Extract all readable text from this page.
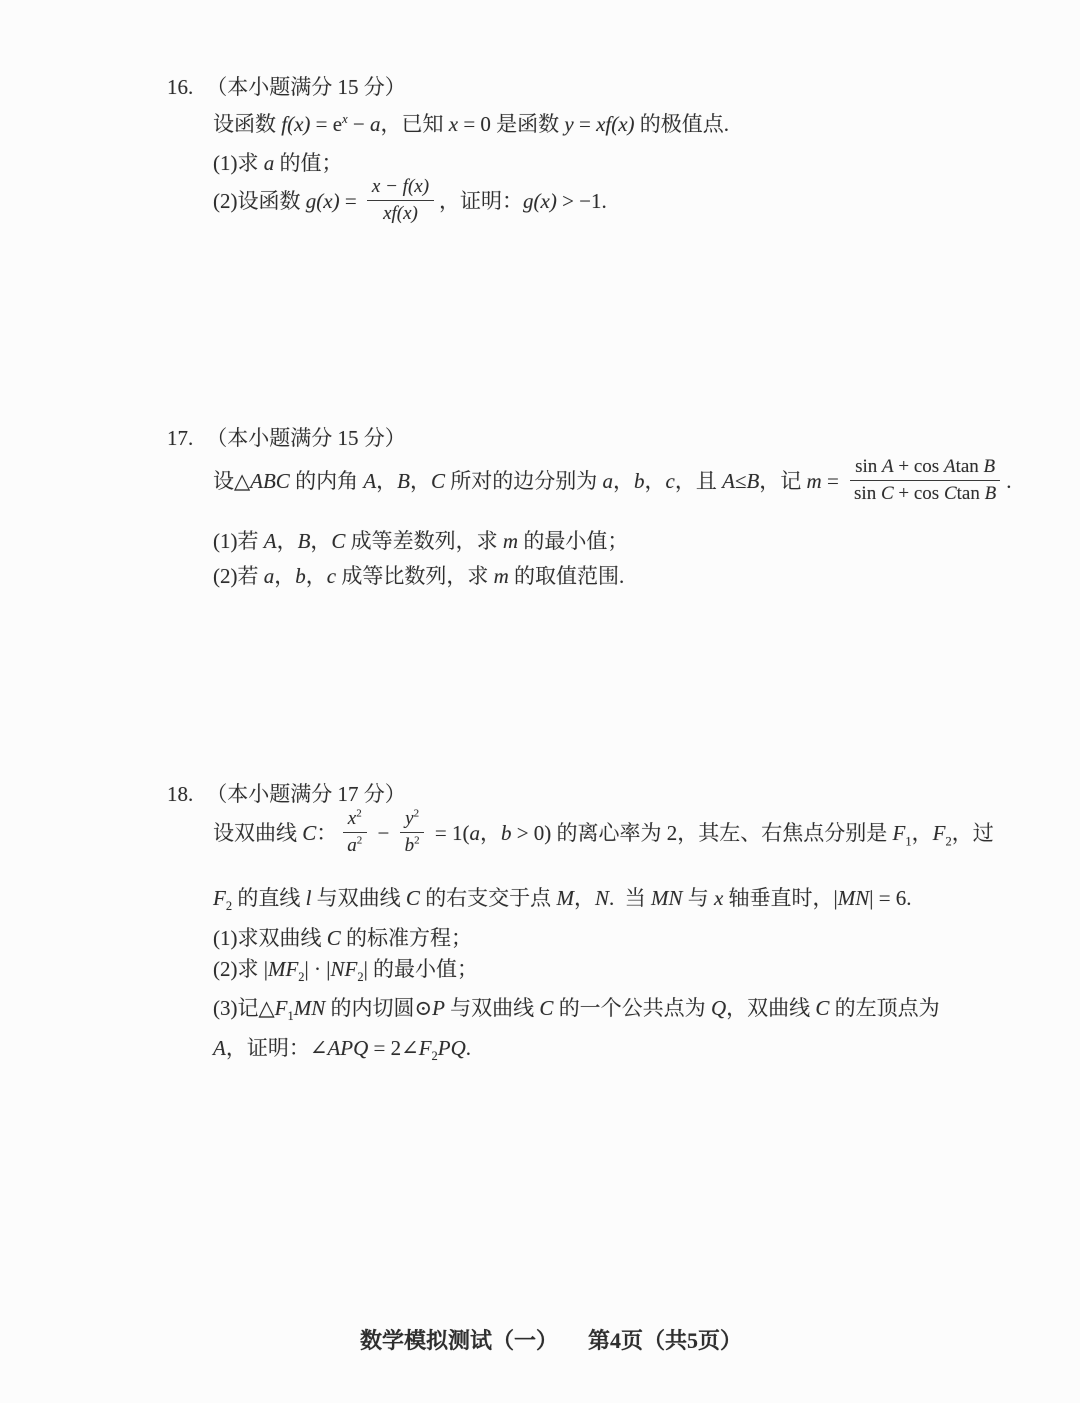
16. （本小题满分 15 分）

设函数 $f(x) = e^x - a$，已知 x = 0 是函数 y = xf(x) 的极值点.

(1)求 a 的值；

(2)设函数 $g(x) = \frac{x - f(x)}{xf(x)}$ ，证明：g(x) > −1.

17. （本小题满分 15 分）

设△ABC 的内角 A，B，C 所对的边分别为 a，b，c，且 A≤B，记 $m = \frac{\text{sin A + cos Atan B}}{\text{sin C + cos Ctan B}}$ .

(1)若 A，B，C 成等差数列，求 m 的最小值；

(2)若 a，b，c 成等比数列，求 m 的取值范围.

18. （本小题满分 17 分）

设双曲线 C： $\frac{x^2}{a^2} - \frac{y^2}{b^2} = 1(a$，b > 0) 的离心率为 2，其左、右焦点分别是 $F_1$，$F_2$，过

$F_2$ 的直线 l 与双曲线 C 的右支交于点 M，N.  当 MN 与 x 轴垂直时，|MN| = 6.

(1)求双曲线 C 的标准方程；

(2)求 $|MF_2| \cdot |NF_2|$ 的最小值；

(3)记$\triangle F_1MN$ 的内切圆⊙P 与双曲线 C 的一个公共点为 Q，双曲线 C 的左顶点为

A，证明：∠APQ = $2\angle F_2PQ$.

数学模拟测试（一） 第4页（共5页）
